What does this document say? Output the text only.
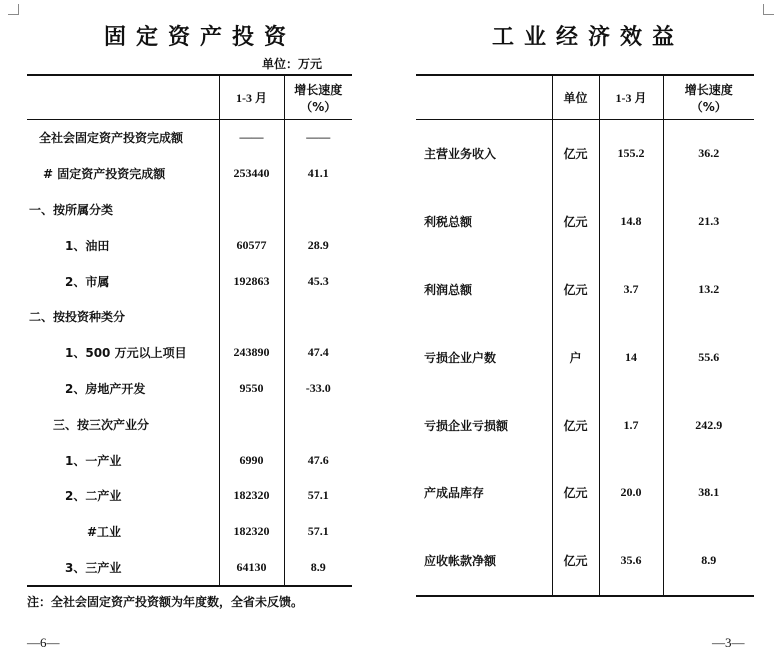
固定资产投资	工业经济效益
单位：万元
	1-3 月	增长速度
（%）

全社会固定资产投资完成额	——	——
# 固定资产投资完成额	253440	41.1
一、按所属分类		
1、油田	60577	28.9
2、市属	192863	45.3
二、按投资种类分		
1、500 万元以上项目	243890	47.4
2、房地产开发	9550	-33.0
三、按三次产业分		
1、一产业	6990	47.6
2、二产业	182320	57.1
#工业	182320	57.1
3、三产业	64130	8.9
	单位	1-3 月	增长速度
（%）

主营业务收入	亿元	155.2	36.2
利税总额	亿元	14.8	21.3
利润总额	亿元	3.7	13.2
亏损企业户数	户	14	55.6
亏损企业亏损额	亿元	1.7	242.9
产成品库存	亿元	20.0	38.1
应收帐款净额	亿元	35.6	8.9
注：全社会固定资产投资额为年度数，全省未反馈。
—6—	—3—
